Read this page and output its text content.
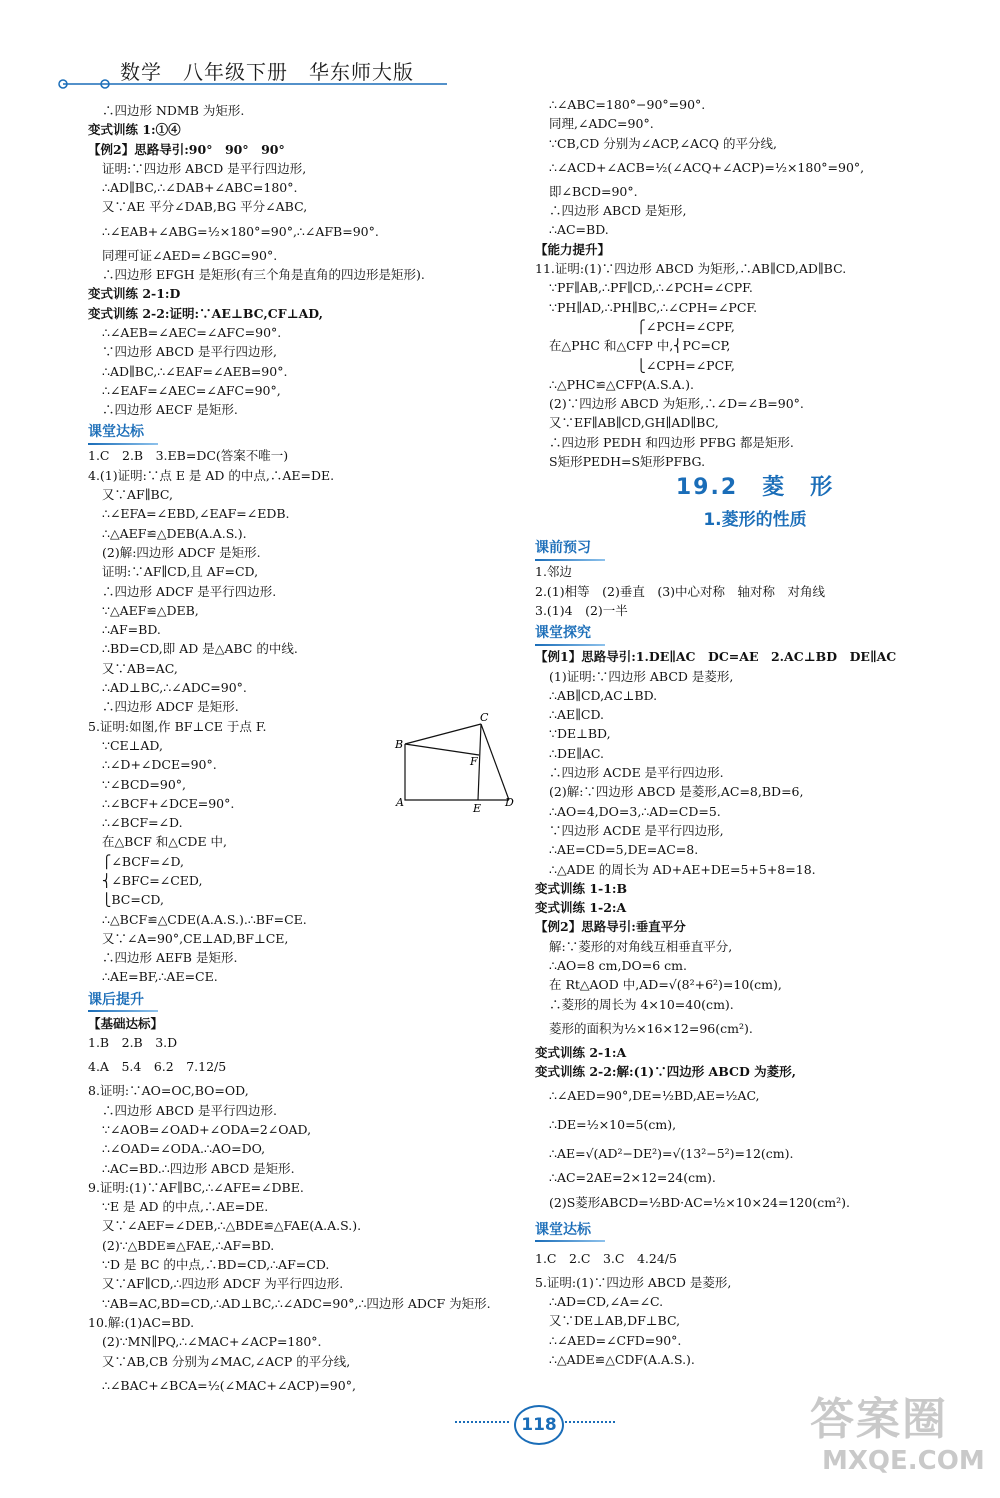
数学　八年级下册　华东师大版
∴四边形 NDMB 为矩形.
变式训练 1:①④
【例2】思路导引:90°　90°　90°
证明:∵四边形 ABCD 是平行四边形,
∴AD∥BC,∴∠DAB+∠ABC=180°.
又∵AE 平分∠DAB,BG 平分∠ABC,
∴∠EAB+∠ABG=½×180°=90°,∴∠AFB=90°.
同理可证∠AED=∠BGC=90°.
∴四边形 EFGH 是矩形(有三个角是直角的四边形是矩形).
变式训练 2-1:D
变式训练 2-2:证明:∵AE⊥BC,CF⊥AD,
∴∠AEB=∠AEC=∠AFC=90°.
∵四边形 ABCD 是平行四边形,
∴AD∥BC,∴∠EAF=∠AEB=90°.
∴∠EAF=∠AEC=∠AFC=90°,
∴四边形 AECF 是矩形.
课堂达标
1.C　2.B　3.EB=DC(答案不唯一)
4.(1)证明:∵点 E 是 AD 的中点,∴AE=DE.
又∵AF∥BC,
∴∠EFA=∠EBD,∠EAF=∠EDB.
∴△AEF≌△DEB(A.A.S.).
(2)解:四边形 ADCF 是矩形.
证明:∵AF∥CD,且 AF=CD,
∴四边形 ADCF 是平行四边形.
∵△AEF≌△DEB,
∴AF=BD.
∴BD=CD,即 AD 是△ABC 的中线.
又∵AB=AC,
∴AD⊥BC,∴∠ADC=90°.
∴四边形 ADCF 是矩形.
5.证明:如图,作 BF⊥CE 于点 F.
∵CE⊥AD,
∴∠D+∠DCE=90°.
∵∠BCD=90°,
∴∠BCF+∠DCE=90°.
∴∠BCF=∠D.
在△BCF 和△CDE 中,
⎧∠BCF=∠D,
⎨∠BFC=∠CED,
⎩BC=CD,
∴△BCF≌△CDE(A.A.S.).∴BF=CE.
又∵∠A=90°,CE⊥AD,BF⊥CE,
∴四边形 AEFB 是矩形.
∴AE=BF,∴AE=CE.
课后提升
【基础达标】
1.B　2.B　3.D
4.A　5.4　6.2　7.12/5
8.证明:∵AO=OC,BO=OD,
∴四边形 ABCD 是平行四边形.
∵∠AOB=∠OAD+∠ODA=2∠OAD,
∴∠OAD=∠ODA.∴AO=DO,
∴AC=BD.∴四边形 ABCD 是矩形.
9.证明:(1)∵AF∥BC,∴∠AFE=∠DBE.
∵E 是 AD 的中点,∴AE=DE.
又∵∠AEF=∠DEB,∴△BDE≌△FAE(A.A.S.).
(2)∵△BDE≌△FAE,∴AF=BD.
∵D 是 BC 的中点,∴BD=CD,∴AF=CD.
又∵AF∥CD,∴四边形 ADCF 为平行四边形.
∵AB=AC,BD=CD,∴AD⊥BC,∴∠ADC=90°,∴四边形 ADCF 为矩形.
10.解:(1)AC=BD.
(2)∵MN∥PQ,∴∠MAC+∠ACP=180°.
又∵AB,CB 分别为∠MAC,∠ACP 的平分线,
∴∠BAC+∠BCA=½(∠MAC+∠ACP)=90°,
∴∠ABC=180°−90°=90°.
同理,∠ADC=90°.
∵CB,CD 分别为∠ACP,∠ACQ 的平分线,
∴∠ACD+∠ACB=½(∠ACQ+∠ACP)=½×180°=90°,
即∠BCD=90°.
∴四边形 ABCD 是矩形,
∴AC=BD.
【能力提升】
11.证明:(1)∵四边形 ABCD 为矩形,∴AB∥CD,AD∥BC.
∵PF∥AB,∴PF∥CD,∴∠PCH=∠CPF.
∵PH∥AD,∴PH∥BC,∴∠CPH=∠PCF.
　　　　　　　⎧∠PCH=∠CPF,
在△PHC 和△CFP 中,⎨PC=CP,
　　　　　　　⎩∠CPH=∠PCF,
∴△PHC≌△CFP(A.S.A.).
(2)∵四边形 ABCD 为矩形,∴∠D=∠B=90°.
又∵EF∥AB∥CD,GH∥AD∥BC,
∴四边形 PEDH 和四边形 PFBG 都是矩形.
S矩形PEDH=S矩形PFBG.
19.2　菱　形
1.菱形的性质
课前预习
1.邻边
2.(1)相等　(2)垂直　(3)中心对称　轴对称　对角线
3.(1)4　(2)一半
课堂探究
【例1】思路导引:1.DE∥AC　DC=AE　2.AC⊥BD　DE∥AC
(1)证明:∵四边形 ABCD 是菱形,
∴AB∥CD,AC⊥BD.
∴AE∥CD.
∵DE⊥BD,
∴DE∥AC.
∴四边形 ACDE 是平行四边形.
(2)解:∵四边形 ABCD 是菱形,AC=8,BD=6,
∴AO=4,DO=3,∴AD=CD=5.
∵四边形 ACDE 是平行四边形,
∴AE=CD=5,DE=AC=8.
∴△ADE 的周长为 AD+AE+DE=5+5+8=18.
变式训练 1-1:B
变式训练 1-2:A
【例2】思路导引:垂直平分
解:∵菱形的对角线互相垂直平分,
∴AO=8 cm,DO=6 cm.
在 Rt△AOD 中,AD=√(8²+6²)=10(cm),
∴菱形的周长为 4×10=40(cm).
菱形的面积为½×16×12=96(cm²).
变式训练 2-1:A
变式训练 2-2:解:(1)∵四边形 ABCD 为菱形,
∴∠AED=90°,DE=½BD,AE=½AC,
∴DE=½×10=5(cm),
∴AE=√(AD²−DE²)=√(13²−5²)=12(cm).
∴AC=2AE=2×12=24(cm).
(2)S菱形ABCD=½BD·AC=½×10×24=120(cm²).
课堂达标
1.C　2.C　3.C　4.24/5
5.证明:(1)∵四边形 ABCD 是菱形,
∴AD=CD,∠A=∠C.
又∵DE⊥AB,DF⊥BC,
∴∠AED=∠CFD=90°.
∴△ADE≌△CDF(A.A.S.).
B
A
C
F
E D
118	答案圈
MXQE.COM
